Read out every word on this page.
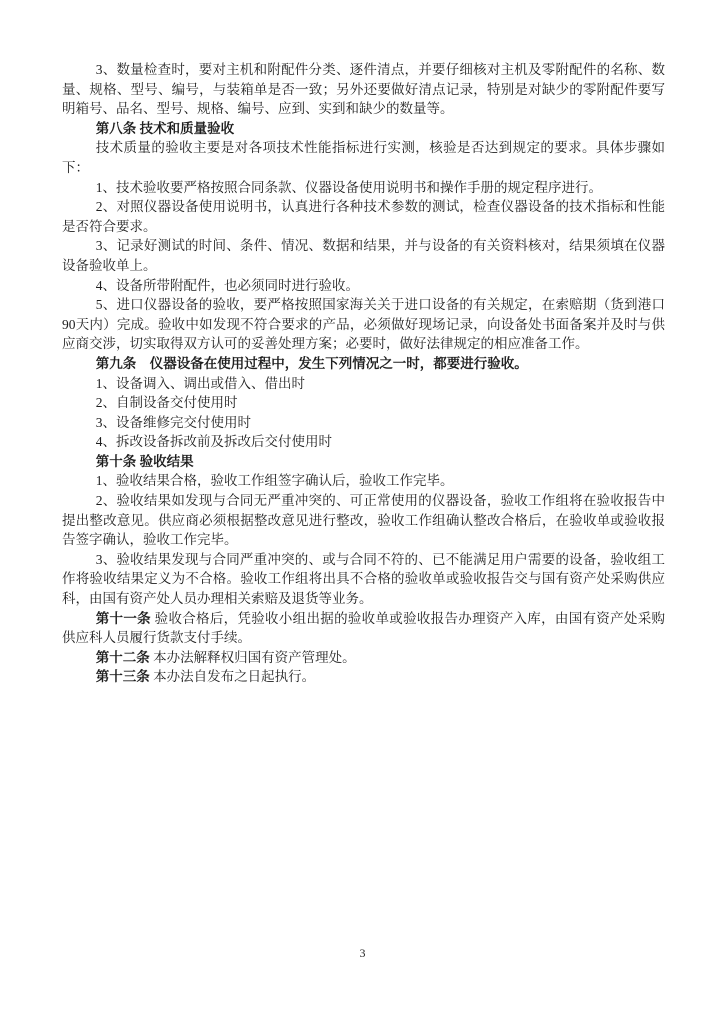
3、数量检查时，要对主机和附配件分类、逐件清点，并要仔细核对主机及零附配件的名称、数量、规格、型号、编号，与装箱单是否一致；另外还要做好清点记录，特别是对缺少的零附配件要写明箱号、品名、型号、规格、编号、应到、实到和缺少的数量等。

第八条 技术和质量验收

技术质量的验收主要是对各项技术性能指标进行实测，核验是否达到规定的要求。具体步骤如下：

1、技术验收要严格按照合同条款、仪器设备使用说明书和操作手册的规定程序进行。

2、对照仪器设备使用说明书，认真进行各种技术参数的测试，检查仪器设备的技术指标和性能是否符合要求。

3、记录好测试的时间、条件、情况、数据和结果，并与设备的有关资料核对，结果须填在仪器设备验收单上。

4、设备所带附配件，也必须同时进行验收。

5、进口仪器设备的验收，要严格按照国家海关关于进口设备的有关规定，在索赔期（货到港口 90天内）完成。验收中如发现不符合要求的产品，必须做好现场记录，向设备处书面备案并及时与供应商交涉，切实取得双方认可的妥善处理方案；必要时，做好法律规定的相应准备工作。

第九条　仪器设备在使用过程中，发生下列情况之一时，都要进行验收。

1、设备调入、调出或借入、借出时

2、自制设备交付使用时

3、设备维修完交付使用时

4、拆改设备拆改前及拆改后交付使用时

第十条 验收结果

1、验收结果合格，验收工作组签字确认后，验收工作完毕。

2、验收结果如发现与合同无严重冲突的、可正常使用的仪器设备，验收工作组将在验收报告中提出整改意见。供应商必须根据整改意见进行整改，验收工作组确认整改合格后，在验收单或验收报告签字确认，验收工作完毕。

3、验收结果发现与合同严重冲突的、或与合同不符的、已不能满足用户需要的设备，验收组工作将验收结果定义为不合格。验收工作组将出具不合格的验收单或验收报告交与国有资产处采购供应科，由国有资产处人员办理相关索赔及退货等业务。

第十一条 验收合格后，凭验收小组出据的验收单或验收报告办理资产入库，由国有资产处采购供应科人员履行货款支付手续。

第十二条 本办法解释权归国有资产管理处。

第十三条 本办法自发布之日起执行。

3
